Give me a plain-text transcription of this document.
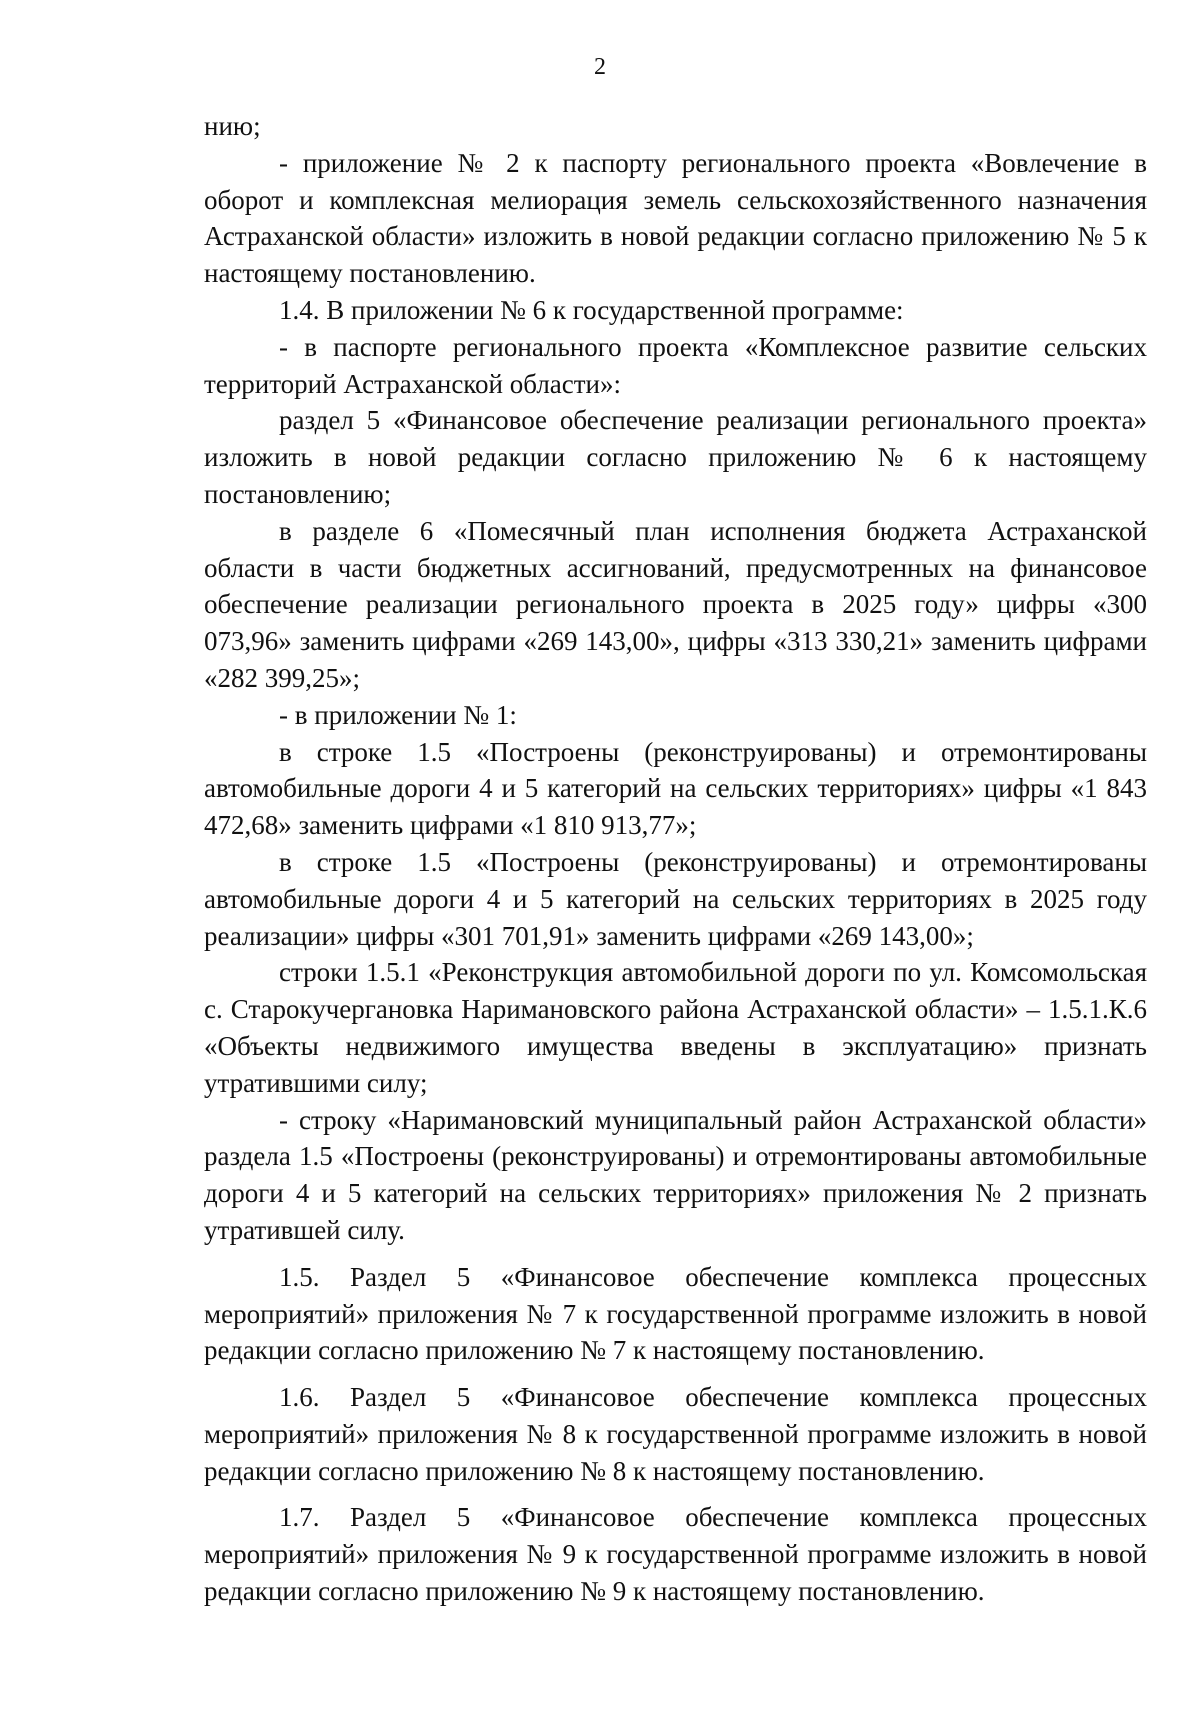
2

нию;

- приложение № 2 к паспорту регионального проекта «Вовлечение в оборот и комплексная мелиорация земель сельскохозяйственного назначения Астраханской области» изложить в новой редакции согласно приложению № 5 к настоящему постановлению.

1.4. В приложении № 6 к государственной программе:

- в паспорте регионального проекта «Комплексное развитие сельских территорий Астраханской области»:

раздел 5 «Финансовое обеспечение реализации регионального проекта» изложить в новой редакции согласно приложению № 6 к настоящему постановлению;

в разделе 6 «Помесячный план исполнения бюджета Астраханской области в части бюджетных ассигнований, предусмотренных на финансовое обеспечение реализации регионального проекта в 2025 году» цифры «300 073,96» заменить цифрами «269 143,00», цифры «313 330,21» заменить цифрами «282 399,25»;

- в приложении № 1:

в строке 1.5 «Построены (реконструированы) и отремонтированы автомобильные дороги 4 и 5 категорий на сельских территориях» цифры «1 843 472,68» заменить цифрами «1 810 913,77»;

в строке 1.5 «Построены (реконструированы) и отремонтированы автомобильные дороги 4 и 5 категорий на сельских территориях в 2025 году реализации» цифры «301 701,91» заменить цифрами «269 143,00»;

строки 1.5.1 «Реконструкция автомобильной дороги по ул. Комсомольская с. Старокучергановка Наримановского района Астраханской области» – 1.5.1.К.6 «Объекты недвижимого имущества введены в эксплуатацию» признать утратившими силу;

- строку «Наримановский муниципальный район Астраханской области» раздела 1.5 «Построены (реконструированы) и отремонтированы автомобильные дороги 4 и 5 категорий на сельских территориях» приложения № 2 признать утратившей силу.

1.5. Раздел 5 «Финансовое обеспечение комплекса процессных мероприятий» приложения № 7 к государственной программе изложить в новой редакции согласно приложению № 7 к настоящему постановлению.

1.6. Раздел 5 «Финансовое обеспечение комплекса процессных мероприятий» приложения № 8 к государственной программе изложить в новой редакции согласно приложению № 8 к настоящему постановлению.

1.7. Раздел 5 «Финансовое обеспечение комплекса процессных мероприятий» приложения № 9 к государственной программе изложить в новой редакции согласно приложению № 9 к настоящему постановлению.
